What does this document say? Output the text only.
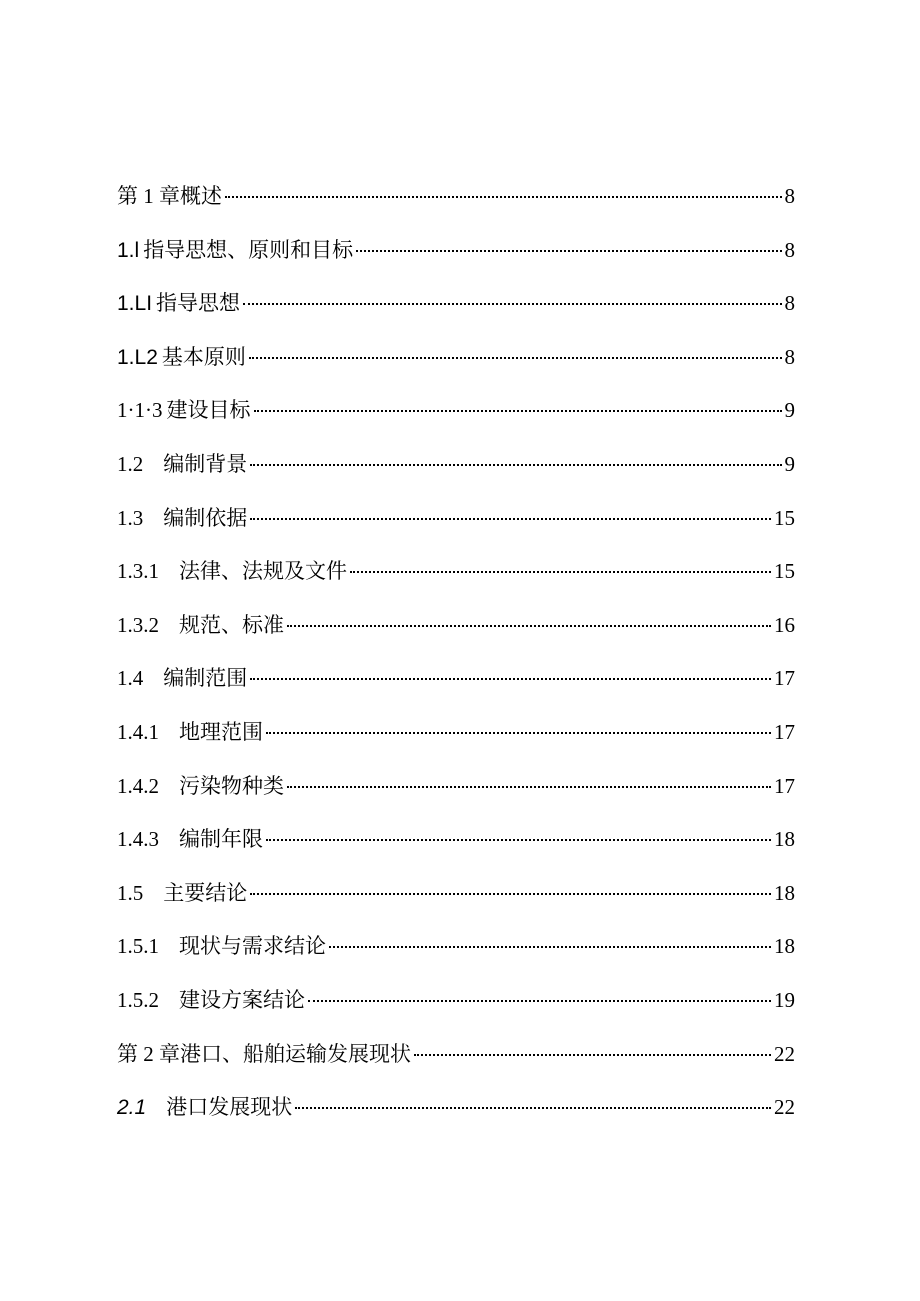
第 1 章概述	8
1.l 指导思想、原则和目标	8
1.LI 指导思想	8
1.L2 基本原则	8
1·1·3 建设目标	9
1.2 编制背景	9
1.3 编制依据	15
1.3.1 法律、法规及文件	15
1.3.2 规范、标准	16
1.4 编制范围	17
1.4.1 地理范围	17
1.4.2 污染物种类	17
1.4.3 编制年限	18
1.5 主要结论	18
1.5.1 现状与需求结论	18
1.5.2 建设方案结论	19
第 2 章港口、船舶运输发展现状	22
2.1 港口发展现状	22
